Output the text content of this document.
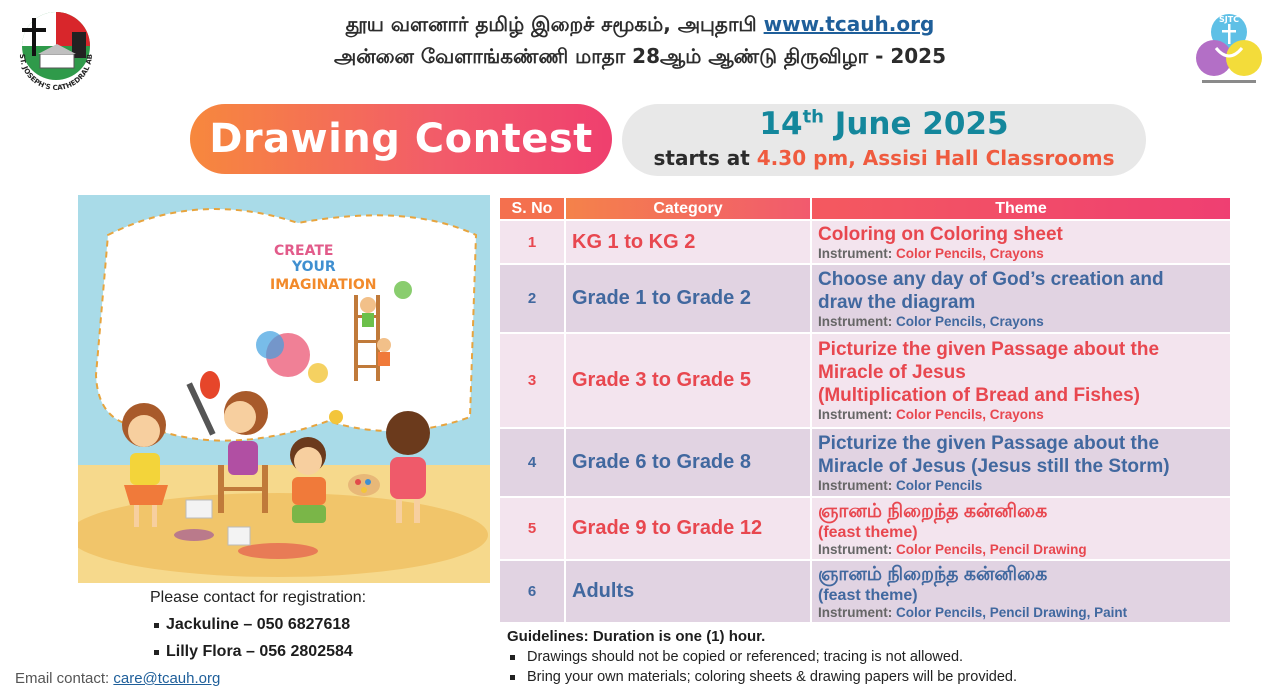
ST. JOSEPH'S CATHEDRAL AB
SJTC
தூய வளனார் தமிழ் இறைச் சமூகம், அபுதாபி www.tcauh.org
அன்னை வேளாங்கண்ணி மாதா 28ஆம் ஆண்டு திருவிழா - 2025
Drawing Contest	14th June 2025
starts at 4.30 pm, Assisi Hall Classrooms
CREATE
YOUR
IMAGINATION
S. No	Category	Theme
1	KG 1 to KG 2	Coloring on Coloring sheet
Instrument: Color Pencils, Crayons

2	Grade 1 to Grade 2	Choose any day of God’s creation and
draw the diagram
Instrument: Color Pencils, Crayons

3	Grade 3 to Grade 5	Picturize the given Passage about the
Miracle of Jesus
(Multiplication of Bread and Fishes)
Instrument: Color Pencils, Crayons

4	Grade 6 to Grade 8	Picturize the given Passage about the
Miracle of Jesus (Jesus still the Storm)
Instrument: Color Pencils

5	Grade 9 to Grade 12	ஞானம் நிறைந்த கன்னிகை
(feast theme)
Instrument: Color Pencils, Pencil Drawing

6	Adults	ஞானம் நிறைந்த கன்னிகை
(feast theme)
Instrument: Color Pencils, Pencil Drawing, Paint
Please contact for registration:
Jackuline – 050 6827618
Lilly Flora – 056 2802584
Email contact: care@tcauh.org
Guidelines: Duration is one (1) hour.
Drawings should not be copied or referenced; tracing is not allowed.
Bring your own materials; coloring sheets & drawing papers will be provided.
